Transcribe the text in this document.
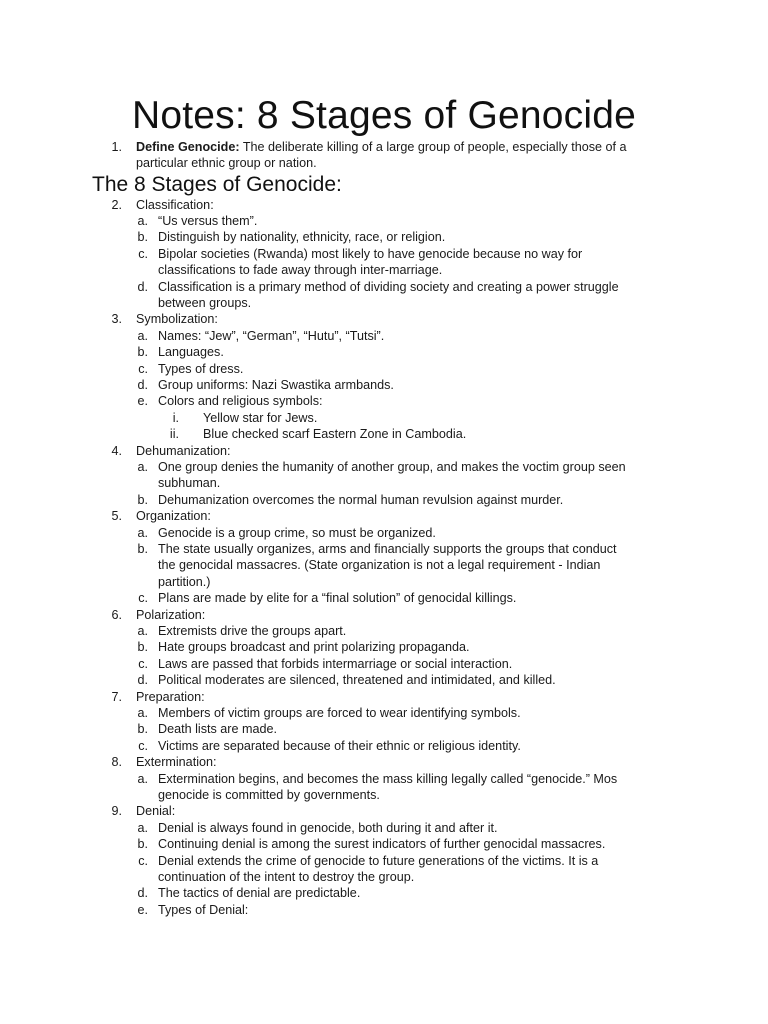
Notes: 8 Stages of Genocide
1. Define Genocide: The deliberate killing of a large group of people, especially those of a
particular ethnic group or nation.
The 8 Stages of Genocide:
2. Classification:
a. “Us versus them”.
b. Distinguish by nationality, ethnicity, race, or religion.
c. Bipolar societies (Rwanda) most likely to have genocide because no way for
classifications to fade away through inter-marriage.
d. Classification is a primary method of dividing society and creating a power struggle
between groups.
3. Symbolization:
a. Names: “Jew”, “German”, “Hutu”, “Tutsi”.
b. Languages.
c. Types of dress.
d. Group uniforms: Nazi Swastika armbands.
e. Colors and religious symbols:
i. Yellow star for Jews.
ii. Blue checked scarf Eastern Zone in Cambodia.
4. Dehumanization:
a. One group denies the humanity of another group, and makes the voctim group seen
subhuman.
b. Dehumanization overcomes the normal human revulsion against murder.
5. Organization:
a. Genocide is a group crime, so must be organized.
b. The state usually organizes, arms and financially supports the groups that conduct
the genocidal massacres. (State organization is not a legal requirement - Indian
partition.)
c. Plans are made by elite for a “final solution” of genocidal killings.
6. Polarization:
a. Extremists drive the groups apart.
b. Hate groups broadcast and print polarizing propaganda.
c. Laws are passed that forbids intermarriage or social interaction.
d. Political moderates are silenced, threatened and intimidated, and killed.
7. Preparation:
a. Members of victim groups are forced to wear identifying symbols.
b. Death lists are made.
c. Victims are separated because of their ethnic or religious identity.
8. Extermination:
a. Extermination begins, and becomes the mass killing legally called “genocide.” Mos
genocide is committed by governments.
9. Denial:
a. Denial is always found in genocide, both during it and after it.
b. Continuing denial is among the surest indicators of further genocidal massacres.
c. Denial extends the crime of genocide to future generations of the victims. It is a
continuation of the intent to destroy the group.
d. The tactics of denial are predictable.
e. Types of Denial:
